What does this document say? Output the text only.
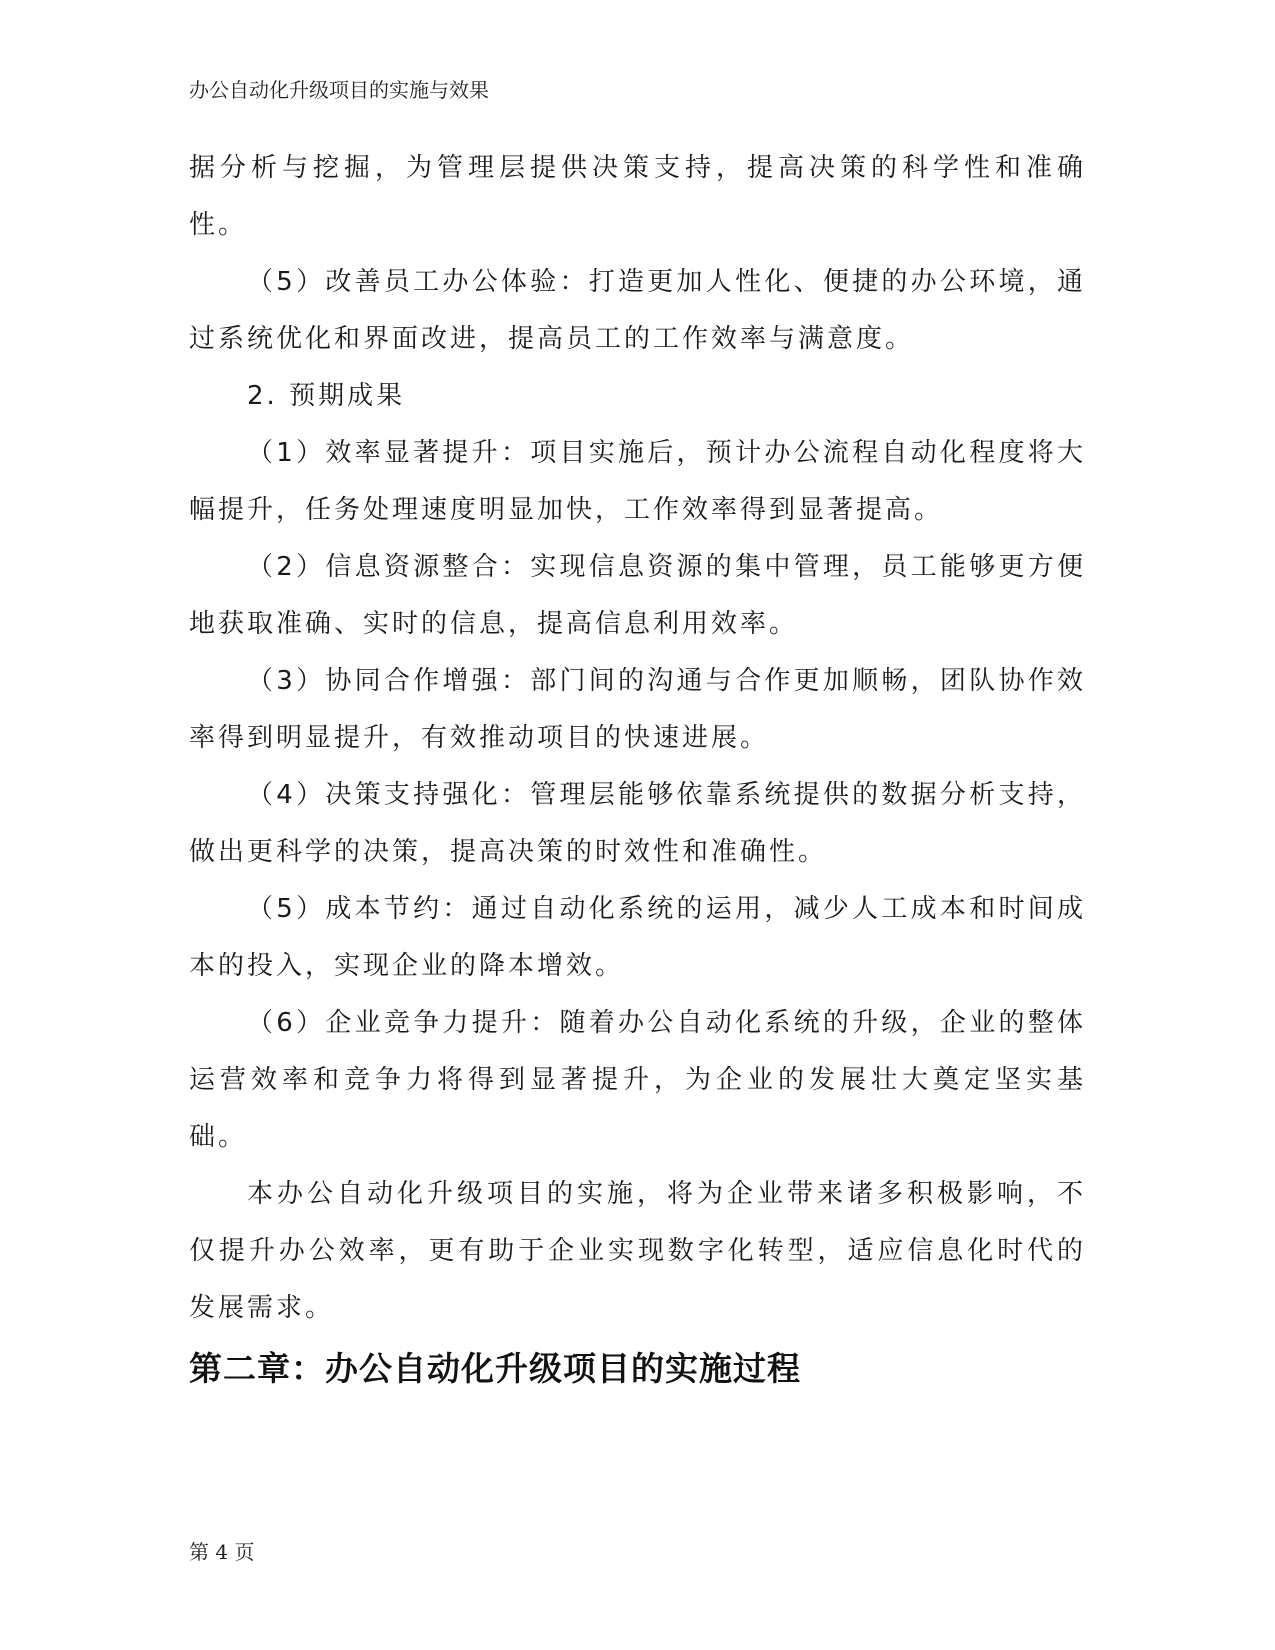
办公自动化升级项目的实施与效果

据分析与挖掘，为管理层提供决策支持，提高决策的科学性和准确性。

（5）改善员工办公体验：打造更加人性化、便捷的办公环境，通过系统优化和界面改进，提高员工的工作效率与满意度。

2. 预期成果

（1）效率显著提升：项目实施后，预计办公流程自动化程度将大幅提升，任务处理速度明显加快，工作效率得到显著提高。

（2）信息资源整合：实现信息资源的集中管理，员工能够更方便地获取准确、实时的信息，提高信息利用效率。

（3）协同合作增强：部门间的沟通与合作更加顺畅，团队协作效率得到明显提升，有效推动项目的快速进展。

（4）决策支持强化：管理层能够依靠系统提供的数据分析支持，做出更科学的决策，提高决策的时效性和准确性。

（5）成本节约：通过自动化系统的运用，减少人工成本和时间成本的投入，实现企业的降本增效。

（6）企业竞争力提升：随着办公自动化系统的升级，企业的整体运营效率和竞争力将得到显著提升，为企业的发展壮大奠定坚实基础。

本办公自动化升级项目的实施，将为企业带来诸多积极影响，不仅提升办公效率，更有助于企业实现数字化转型，适应信息化时代的发展需求。

第二章：办公自动化升级项目的实施过程
第 4 页
